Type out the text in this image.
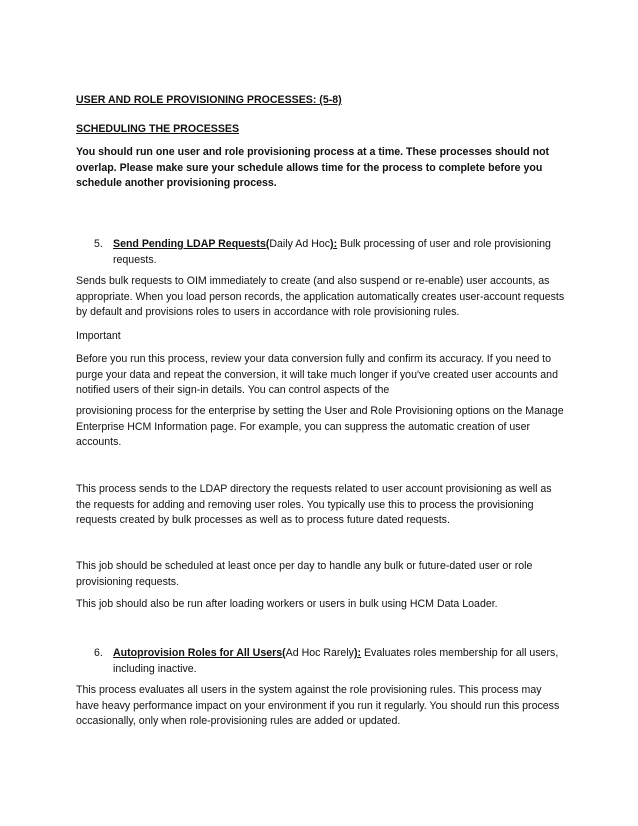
USER AND ROLE PROVISIONING PROCESSES: (5-8)

SCHEDULING THE PROCESSES

You should run one user and role provisioning process at a time. These processes should not overlap. Please make sure your schedule allows time for the process to complete before you schedule another provisioning process.

5. Send Pending LDAP Requests(Daily Ad Hoc): Bulk processing of user and role provisioning requests.

Sends bulk requests to OIM immediately to create (and also suspend or re-enable) user accounts, as appropriate. When you load person records, the application automatically creates user-account requests by default and provisions roles to users in accordance with role provisioning rules.

Important

Before you run this process, review your data conversion fully and confirm its accuracy. If you need to purge your data and repeat the conversion, it will take much longer if you've created user accounts and notified users of their sign-in details. You can control aspects of the

provisioning process for the enterprise by setting the User and Role Provisioning options on the Manage Enterprise HCM Information page. For example, you can suppress the automatic creation of user accounts.

This process sends to the LDAP directory the requests related to user account provisioning as well as the requests for adding and removing user roles. You typically use this to process the provisioning requests created by bulk processes as well as to process future dated requests.

This job should be scheduled at least once per day to handle any bulk or future-dated user or role provisioning requests.

This job should also be run after loading workers or users in bulk using HCM Data Loader.

6. Autoprovision Roles for All Users(Ad Hoc Rarely): Evaluates roles membership for all users, including inactive.

This process evaluates all users in the system against the role provisioning rules. This process may have heavy performance impact on your environment if you run it regularly. You should run this process occasionally, only when role-provisioning rules are added or updated.
